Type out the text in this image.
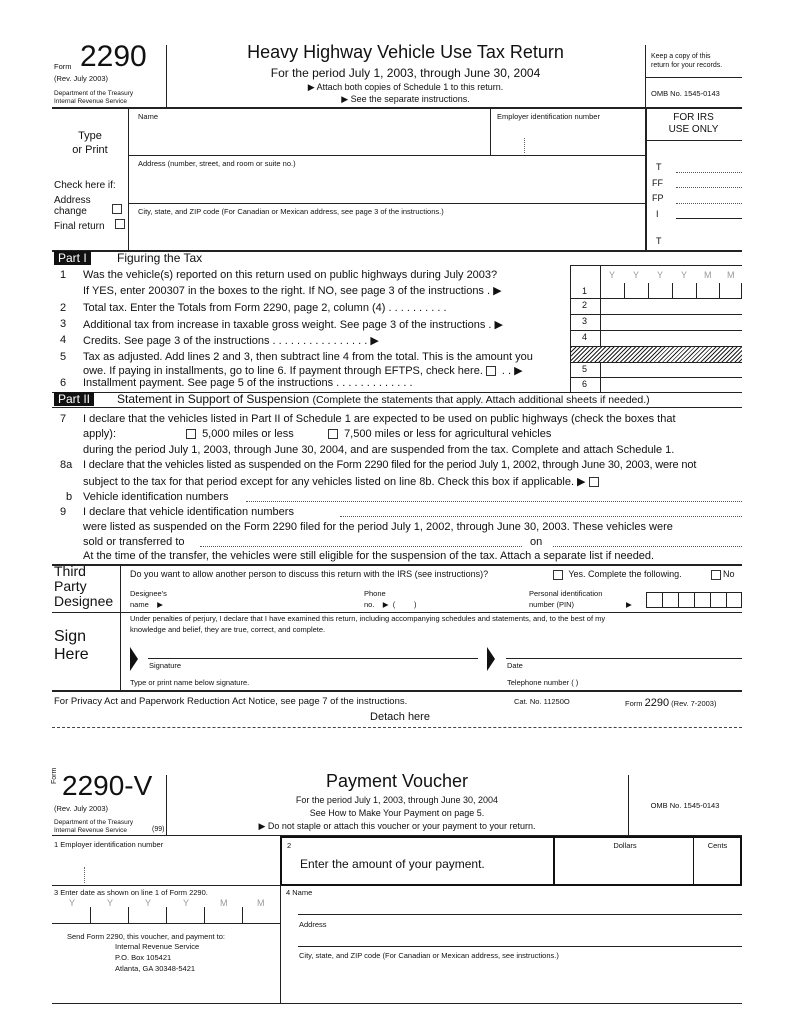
Form 2290
(Rev. July 2003)
Department of the Treasury
Internal Revenue Service
Heavy Highway Vehicle Use Tax Return
For the period July 1, 2003, through June 30, 2004
▶ Attach both copies of Schedule 1 to this return.
▶ See the separate instructions.
Keep a copy of this
return for your records.
OMB No. 1545-0143
Type
or Print
Check here if:
Address
change
Final return
Name	Employer identification number
Address (number, street, and room or suite no.)
City, state, and ZIP code (For Canadian or Mexican address, see page 3 of the instructions.)
FOR IRS
USE ONLY
T
FF
FP
I
T
Part I	Figuring the Tax
1 Was the vehicle(s) reported on this return used on public highways during July 2003?
If YES, enter 200307 in the boxes to the right. If NO, see page 3 of the instructions . ▶	1
Y Y Y Y M M
2 Total tax. Enter the Totals from Form 2290, page 2, column (4) . . . . . . . . . .	2
3 Additional tax from increase in taxable gross weight. See page 3 of the instructions . ▶	3
4 Credits. See page 3 of the instructions . . . . . . . . . . . . . . . . ▶	4
5 Tax as adjusted. Add lines 2 and 3, then subtract line 4 from the total. This is the amount you
owe. If paying in installments, go to line 6. If payment through EFTPS, check here. . . ▶	5
6 Installment payment. See page 5 of the instructions . . . . . . . . . . . . .	6
Part II	Statement in Support of Suspension (Complete the statements that apply. Attach additional sheets if needed.)
7 I declare that the vehicles listed in Part II of Schedule 1 are expected to be used on public highways (check the boxes that
apply):	5,000 miles or less	7,500 miles or less for agricultural vehicles
during the period July 1, 2003, through June 30, 2004, and are suspended from the tax. Complete and attach Schedule 1.
8a I declare that the vehicles listed as suspended on the Form 2290 filed for the period July 1, 2002, through June 30, 2003, were not
subject to the tax for that period except for any vehicles listed on line 8b. Check this box if applicable. ▶
b Vehicle identification numbers
9 I declare that vehicle identification numbers
were listed as suspended on the Form 2290 filed for the period July 1, 2002, through June 30, 2003. These vehicles were
sold or transferred to	on
At the time of the transfer, the vehicles were still eligible for the suspension of the tax. Attach a separate list if needed.
Third
Party
Designee
Do you want to allow another person to discuss this return with the IRS (see instructions)?	Yes. Complete the following.	No
Designee's
name    ▶
Phone
no.    ▶  (         )
Personal identification
number (PIN)	▶
Sign
Here
Under penalties of perjury, I declare that I have examined this return, including accompanying schedules and statements, and, to the best of my
knowledge and belief, they are true, correct, and complete.
Signature	Date
Type or print name below signature.	Telephone number ( )
For Privacy Act and Paperwork Reduction Act Notice, see page 7 of the instructions.	Cat. No. 11250O	Form 2290 (Rev. 7-2003)
Detach here
Form 2290-V
(Rev. July 2003)
Department of the Treasury
Internal Revenue Service	(99)
Payment Voucher
For the period July 1, 2003, through June 30, 2004
See How to Make Your Payment on page 5.
▶ Do not staple or attach this voucher or your payment to your return.
OMB No. 1545-0143
1 Employer identification number	2
Enter the amount of your payment.
Dollars	Cents
3 Enter date as shown on line 1 of Form 2290.
Y	Y	Y	Y	M	M
Send Form 2290, this voucher, and payment to:
Internal Revenue Service
P.O. Box 105421
Atlanta, GA 30348-5421
4 Name
Address
City, state, and ZIP code (For Canadian or Mexican address, see instructions.)
